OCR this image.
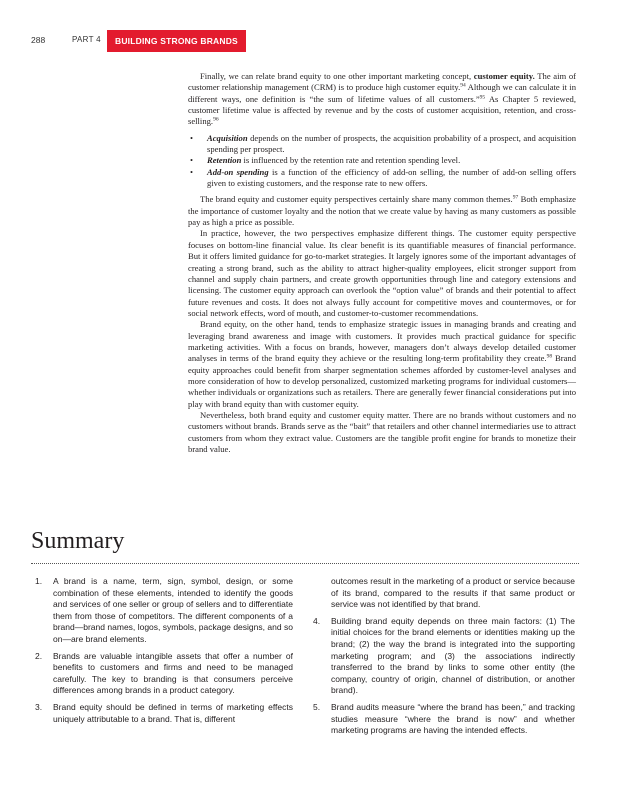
288	PART 4	BUILDING STRONG BRANDS

Finally, we can relate brand equity to one other important marketing concept, customer equity. The aim of customer relationship management (CRM) is to produce high customer equity.$^{94}$ Although we can calculate it in different ways, one definition is “the sum of lifetime values of all customers.”$^{95}$ As Chapter 5 reviewed, customer lifetime value is affected by revenue and by the costs of customer acquisition, retention, and cross-selling.$^{96}$

• Acquisition depends on the number of prospects, the acquisition probability of a prospect, and acquisition spending per prospect.
• Retention is influenced by the retention rate and retention spending level.
• Add-on spending is a function of the efficiency of add-on selling, the number of add-on selling offers given to existing customers, and the response rate to new offers.

The brand equity and customer equity perspectives certainly share many common themes.$^{97}$ Both emphasize the importance of customer loyalty and the notion that we create value by having as many customers as possible pay as high a price as possible.

In practice, however, the two perspectives emphasize different things. The customer equity perspective focuses on bottom-line financial value. Its clear benefit is its quantifiable measures of financial performance. But it offers limited guidance for go-to-market strategies. It largely ignores some of the important advantages of creating a strong brand, such as the ability to attract higher-quality employees, elicit stronger support from channel and supply chain partners, and create growth opportunities through line and category extensions and licensing. The customer equity approach can overlook the “option value” of brands and their potential to affect future revenues and costs. It does not always fully account for competitive moves and countermoves, or for social network effects, word of mouth, and customer-to-customer recommendations.

Brand equity, on the other hand, tends to emphasize strategic issues in managing brands and creating and leveraging brand awareness and image with customers. It provides much practical guidance for specific marketing activities. With a focus on brands, however, managers don’t always develop detailed customer analyses in terms of the brand equity they achieve or the resulting long-term profitability they create.$^{98}$ Brand equity approaches could benefit from sharper segmentation schemes afforded by customer-level analyses and more consideration of how to develop personalized, customized marketing programs for individual customers—whether individuals or organizations such as retailers. There are generally fewer financial considerations put into play with brand equity than with customer equity.

Nevertheless, both brand equity and customer equity matter. There are no brands without customers and no customers without brands. Brands serve as the “bait” that retailers and other channel intermediaries use to attract customers from whom they extract value. Customers are the tangible profit engine for brands to monetize their brand value.

Summary
1. A brand is a name, term, sign, symbol, design, or some combination of these elements, intended to identify the goods and services of one seller or group of sellers and to differentiate them from those of competitors. The different components of a brand—brand names, logos, symbols, package designs, and so on—are brand elements.
2. Brands are valuable intangible assets that offer a number of benefits to customers and firms and need to be managed carefully. The key to branding is that consumers perceive differences among brands in a product category.
3. Brand equity should be defined in terms of marketing effects uniquely attributable to a brand. That is, different
outcomes result in the marketing of a product or service because of its brand, compared to the results if that same product or service was not identified by that brand.
4. Building brand equity depends on three main factors: (1) The initial choices for the brand elements or identities making up the brand; (2) the way the brand is integrated into the supporting marketing program; and (3) the associations indirectly transferred to the brand by links to some other entity (the company, country of origin, channel of distribution, or another brand).
5. Brand audits measure “where the brand has been,” and tracking studies measure “where the brand is now” and whether marketing programs are having the intended effects.
